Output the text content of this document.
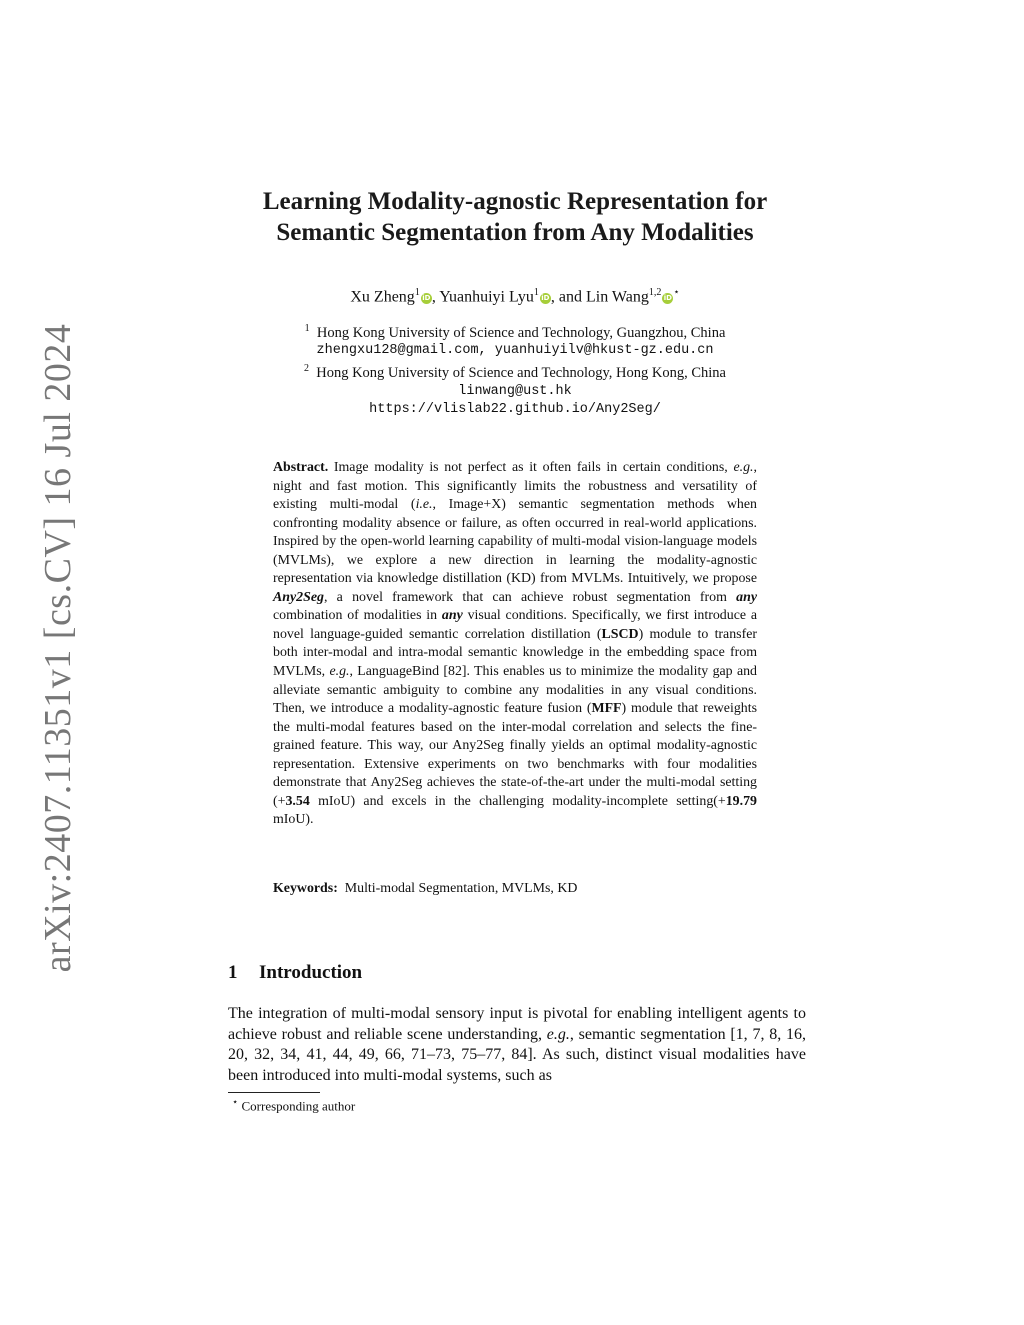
arXiv:2407.11351v1 [cs.CV] 16 Jul 2024
Learning Modality-agnostic Representation for
Semantic Segmentation from Any Modalities
Xu Zheng$^1$iD, Yuanhuiyi Lyu$^1$iD, and Lin Wang$^{1,2}$iD⋆
$^1$ Hong Kong University of Science and Technology, Guangzhou, China
zhengxu128@gmail.com, yuanhuiyilv@hkust-gz.edu.cn
$^2$ Hong Kong University of Science and Technology, Hong Kong, China
linwang@ust.hk
https://vlislab22.github.io/Any2Seg/
Abstract. Image modality is not perfect as it often fails in certain conditions, e.g., night and fast motion. This significantly limits the robustness and versatility of existing multi-modal (i.e., Image+X) semantic segmentation methods when confronting modality absence or failure, as often occurred in real-world applications. Inspired by the open-world learning capability of multi-modal vision-language models (MVLMs), we explore a new direction in learning the modality-agnostic representation via knowledge distillation (KD) from MVLMs. Intuitively, we propose Any2Seg, a novel framework that can achieve robust segmentation from any combination of modalities in any visual conditions. Specifically, we first introduce a novel language-guided semantic correlation distillation (LSCD) module to transfer both inter-modal and intra-modal semantic knowledge in the embedding space from MVLMs, e.g., LanguageBind [82]. This enables us to minimize the modality gap and alleviate semantic ambiguity to combine any modalities in any visual conditions. Then, we introduce a modality-agnostic feature fusion (MFF) module that reweights the multi-modal features based on the inter-modal correlation and selects the fine-grained feature. This way, our Any2Seg finally yields an optimal modality-agnostic representation. Extensive experiments on two benchmarks with four modalities demonstrate that Any2Seg achieves the state-of-the-art under the multi-modal setting (+3.54 mIoU) and excels in the challenging modality-incomplete setting(+19.79 mIoU).
Keywords: Multi-modal Segmentation, MVLMs, KD
1 Introduction
The integration of multi-modal sensory input is pivotal for enabling intelligent agents to achieve robust and reliable scene understanding, e.g., semantic segmentation [1, 7, 8, 16, 20, 32, 34, 41, 44, 49, 66, 71–73, 75–77, 84]. As such, distinct visual modalities have been introduced into multi-modal systems, such as
⋆ Corresponding author
